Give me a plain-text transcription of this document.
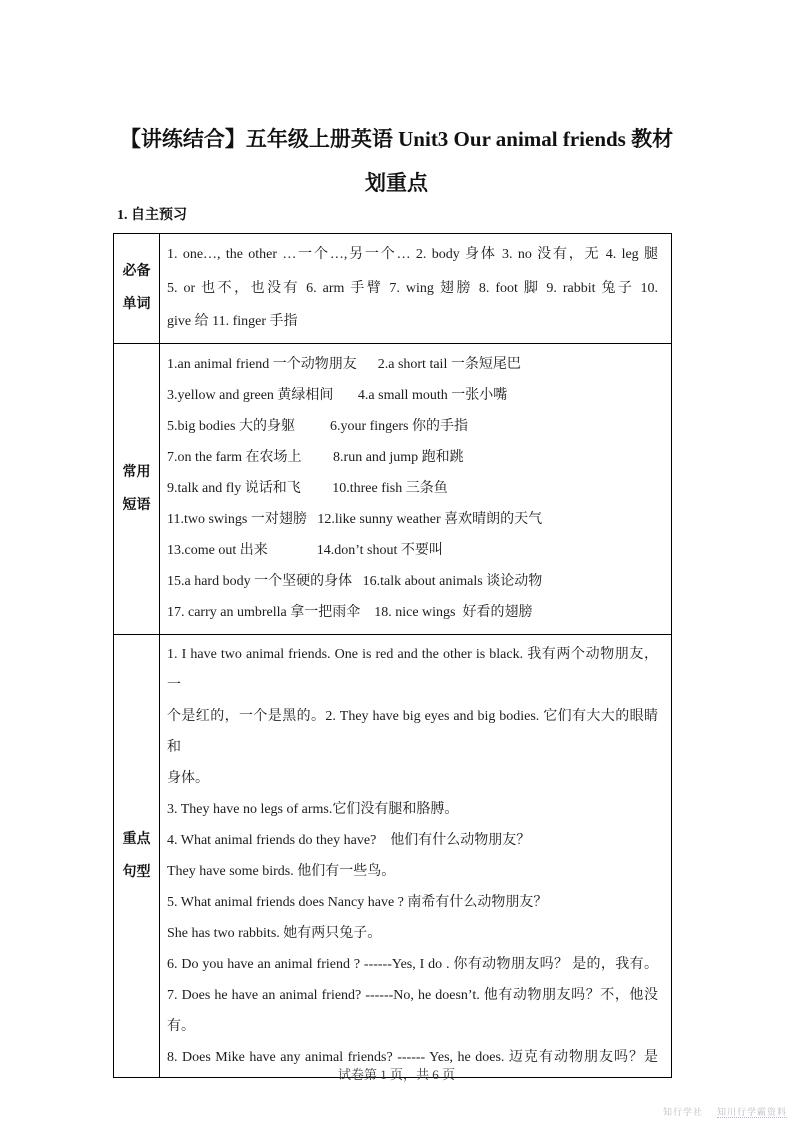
【讲练结合】五年级上册英语 Unit3 Our animal friends 教材
划重点
1. 自主预习
必备
单词

1. one…, the other …一个…,另一个… 2. body 身体 3. no 没有，无 4. leg 腿
5. or 也不，也没有 6. arm 手臂 7. wing 翅膀 8. foot 脚 9. rabbit 兔子 10.
give 给 11. finger 手指

常用
短语

1.an animal friend 一个动物朋友      2.a short tail 一条短尾巴
3.yellow and green 黄绿相间       4.a small mouth 一张小嘴
5.big bodies 大的身躯          6.your fingers 你的手指
7.on the farm 在农场上         8.run and jump 跑和跳
9.talk and fly 说话和飞         10.three fish 三条鱼
11.two swings 一对翅膀   12.like sunny weather 喜欢晴朗的天气
13.come out 出来              14.don’t shout 不要叫
15.a hard body 一个坚硬的身体   16.talk about animals 谈论动物
17. carry an umbrella 拿一把雨伞    18. nice wings  好看的翅膀

重点
句型

1. I have two animal friends. One is red and the other is black. 我有两个动物朋友，一
个是红的，一个是黑的。2. They have big eyes and big bodies. 它们有大大的眼睛和
身体。
3. They have no legs of arms.它们没有腿和胳膊。
4. What animal friends do they have?    他们有什么动物朋友？
They have some birds. 他们有一些鸟。
5. What animal friends does Nancy have ? 南希有什么动物朋友？
She has two rabbits. 她有两只兔子。
6. Do you have an animal friend ? ------Yes, I do . 你有动物朋友吗？ 是的，我有。
7. Does he have an animal friend? ------No, he doesn’t. 他有动物朋友吗？不，他没
有。
8. Does Mike have any animal friends? ------ Yes, he does. 迈克有动物朋友吗？是
试卷第 1 页，共 6 页
知行学社 知川行学霸资料
